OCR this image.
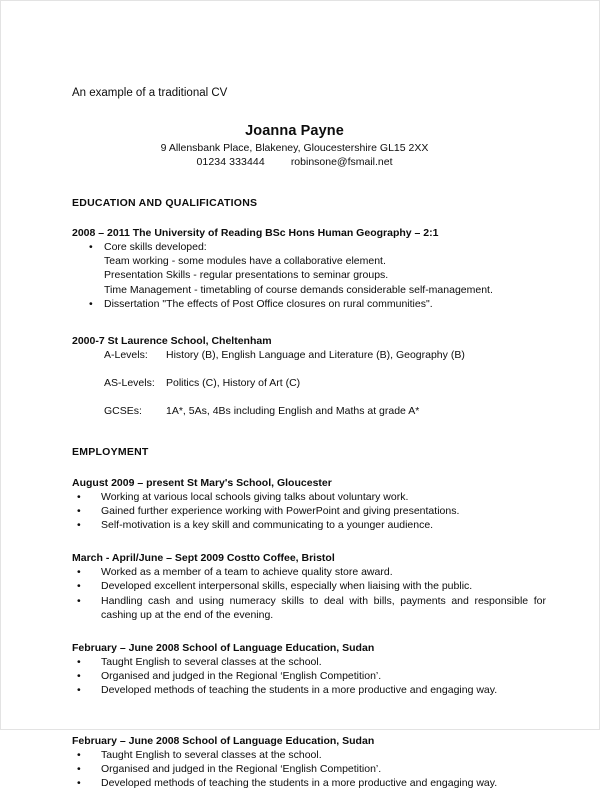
An example of a traditional CV
Joanna Payne
9 Allensbank Place, Blakeney, Gloucestershire GL15 2XX
01234 333444 robinsone@fsmail.net
EDUCATION AND QUALIFICATIONS
2008 – 2011 The University of Reading BSc Hons Human Geography – 2:1
• Core skills developed:
Team working - some modules have a collaborative element.
Presentation Skills - regular presentations to seminar groups.
Time Management - timetabling of course demands considerable self-management.
• Dissertation "The effects of Post Office closures on rural communities".
2000-7 St Laurence School, Cheltenham
A-Levels: History (B), English Language and Literature (B), Geography (B)
AS-Levels: Politics (C), History of Art (C)
GCSEs: 1A*, 5As, 4Bs including English and Maths at grade A*
EMPLOYMENT
August 2009 – present St Mary's School, Gloucester
• Working at various local schools giving talks about voluntary work.
• Gained further experience working with PowerPoint and giving presentations.
• Self-motivation is a key skill and communicating to a younger audience.
March - April/June – Sept 2009 Costto Coffee, Bristol
• Worked as a member of a team to achieve quality store award.
• Developed excellent interpersonal skills, especially when liaising with the public.
• Handling cash and using numeracy skills to deal with bills, payments and responsible for cashing up at the end of the evening.
February – June 2008 School of Language Education, Sudan
• Taught English to several classes at the school.
• Organised and judged in the Regional ‘English Competition’.
• Developed methods of teaching the students in a more productive and engaging way.
February – June 2008 School of Language Education, Sudan
• Taught English to several classes at the school.
• Organised and judged in the Regional ‘English Competition’.
• Developed methods of teaching the students in a more productive and engaging way.
